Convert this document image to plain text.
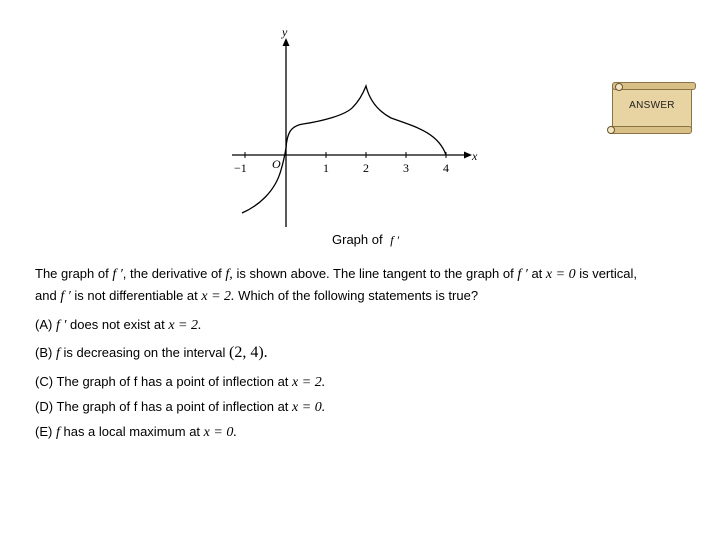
y
x
O
−1	1	2	3	4
Graph of f ′
ANSWER
The graph of f ′, the derivative of f, is shown above. The line tangent to the graph of f ′ at x = 0 is vertical,
and f ′ is not differentiable at x = 2. Which of the following statements is true?
(A) f ′ does not exist at x = 2.
(B) f is decreasing on the interval (2, 4).
(C) The graph of f has a point of inflection at x = 2.
(D) The graph of f has a point of inflection at x = 0.
(E) f has a local maximum at x = 0.
